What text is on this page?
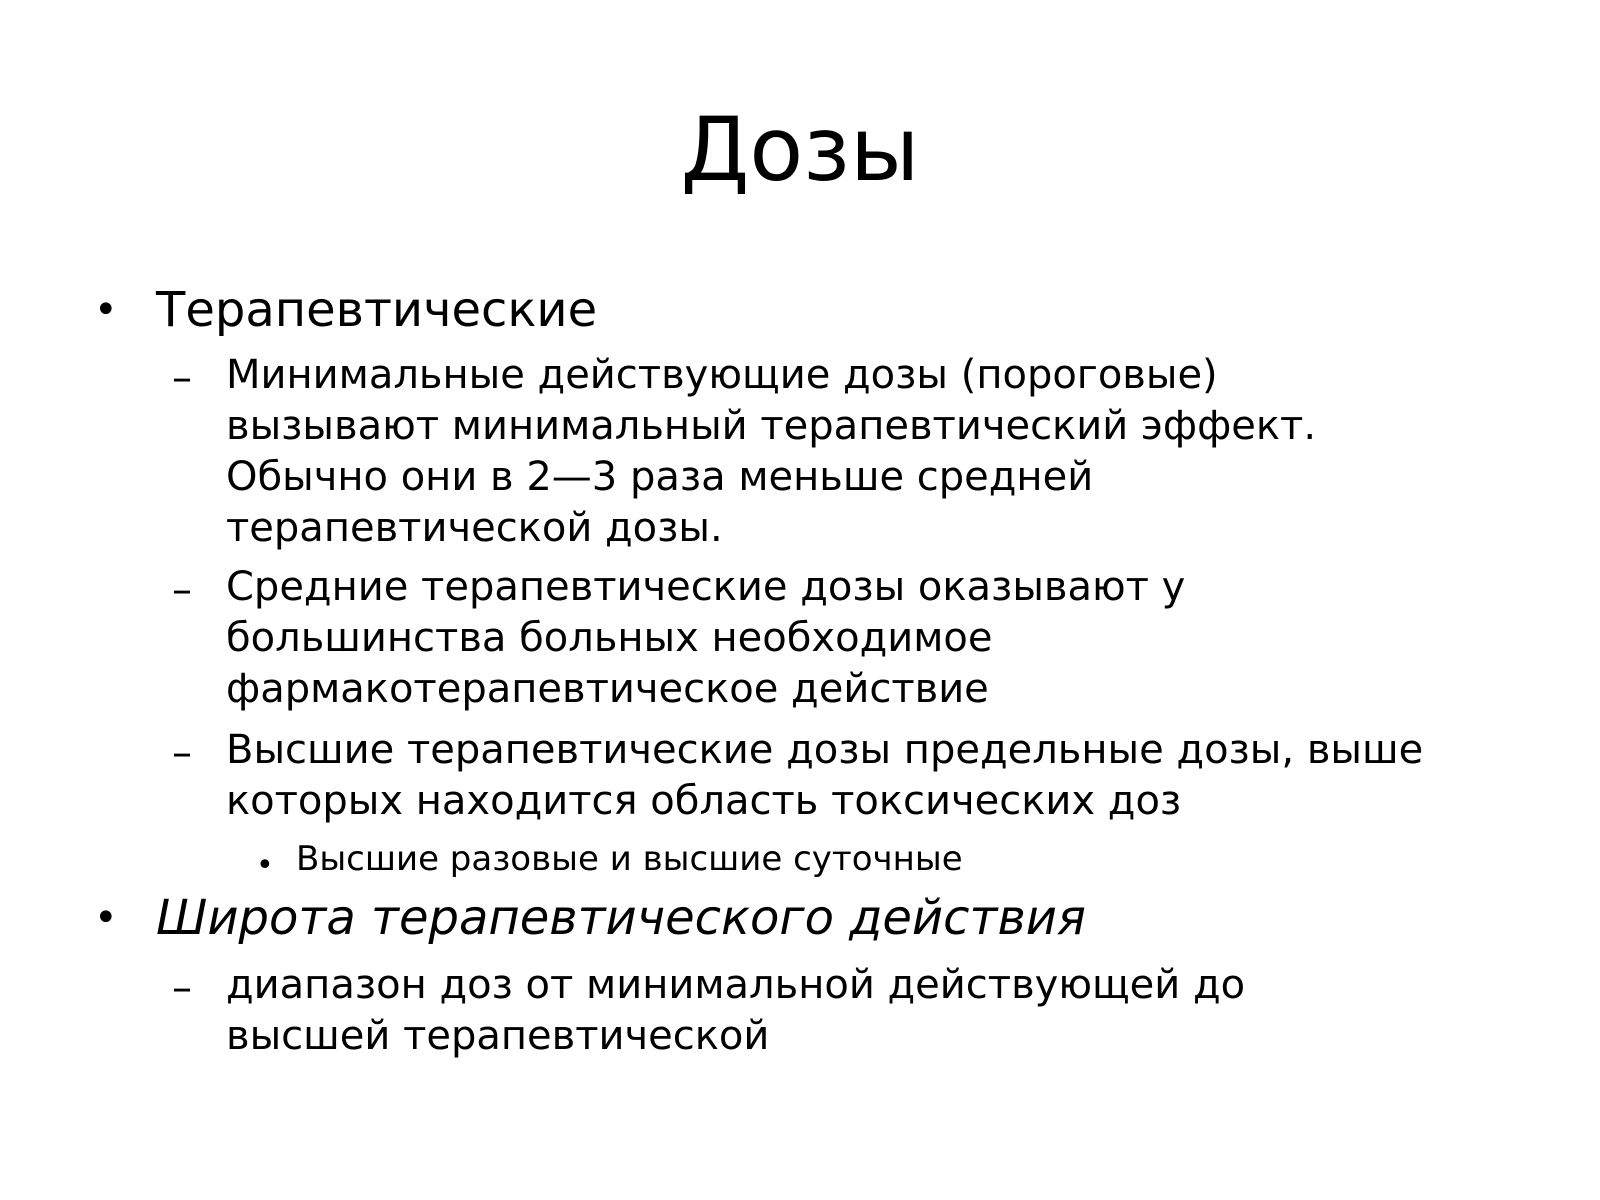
Дозы
• Терапевтические
– Минимальные действующие дозы (пороговые)
вызывают минимальный терапевтический эффект.
Обычно они в 2—3 раза меньше средней
терапевтической дозы.
– Средние терапевтические дозы оказывают у
большинства больных необходимое
фармакотерапевтическое действие
– Высшие терапевтические дозы предельные дозы, выше
которых находится область токсических доз
• Высшие разовые и высшие суточные
• Широта терапевтического действия
– диапазон доз от минимальной действующей до
высшей терапевтической
